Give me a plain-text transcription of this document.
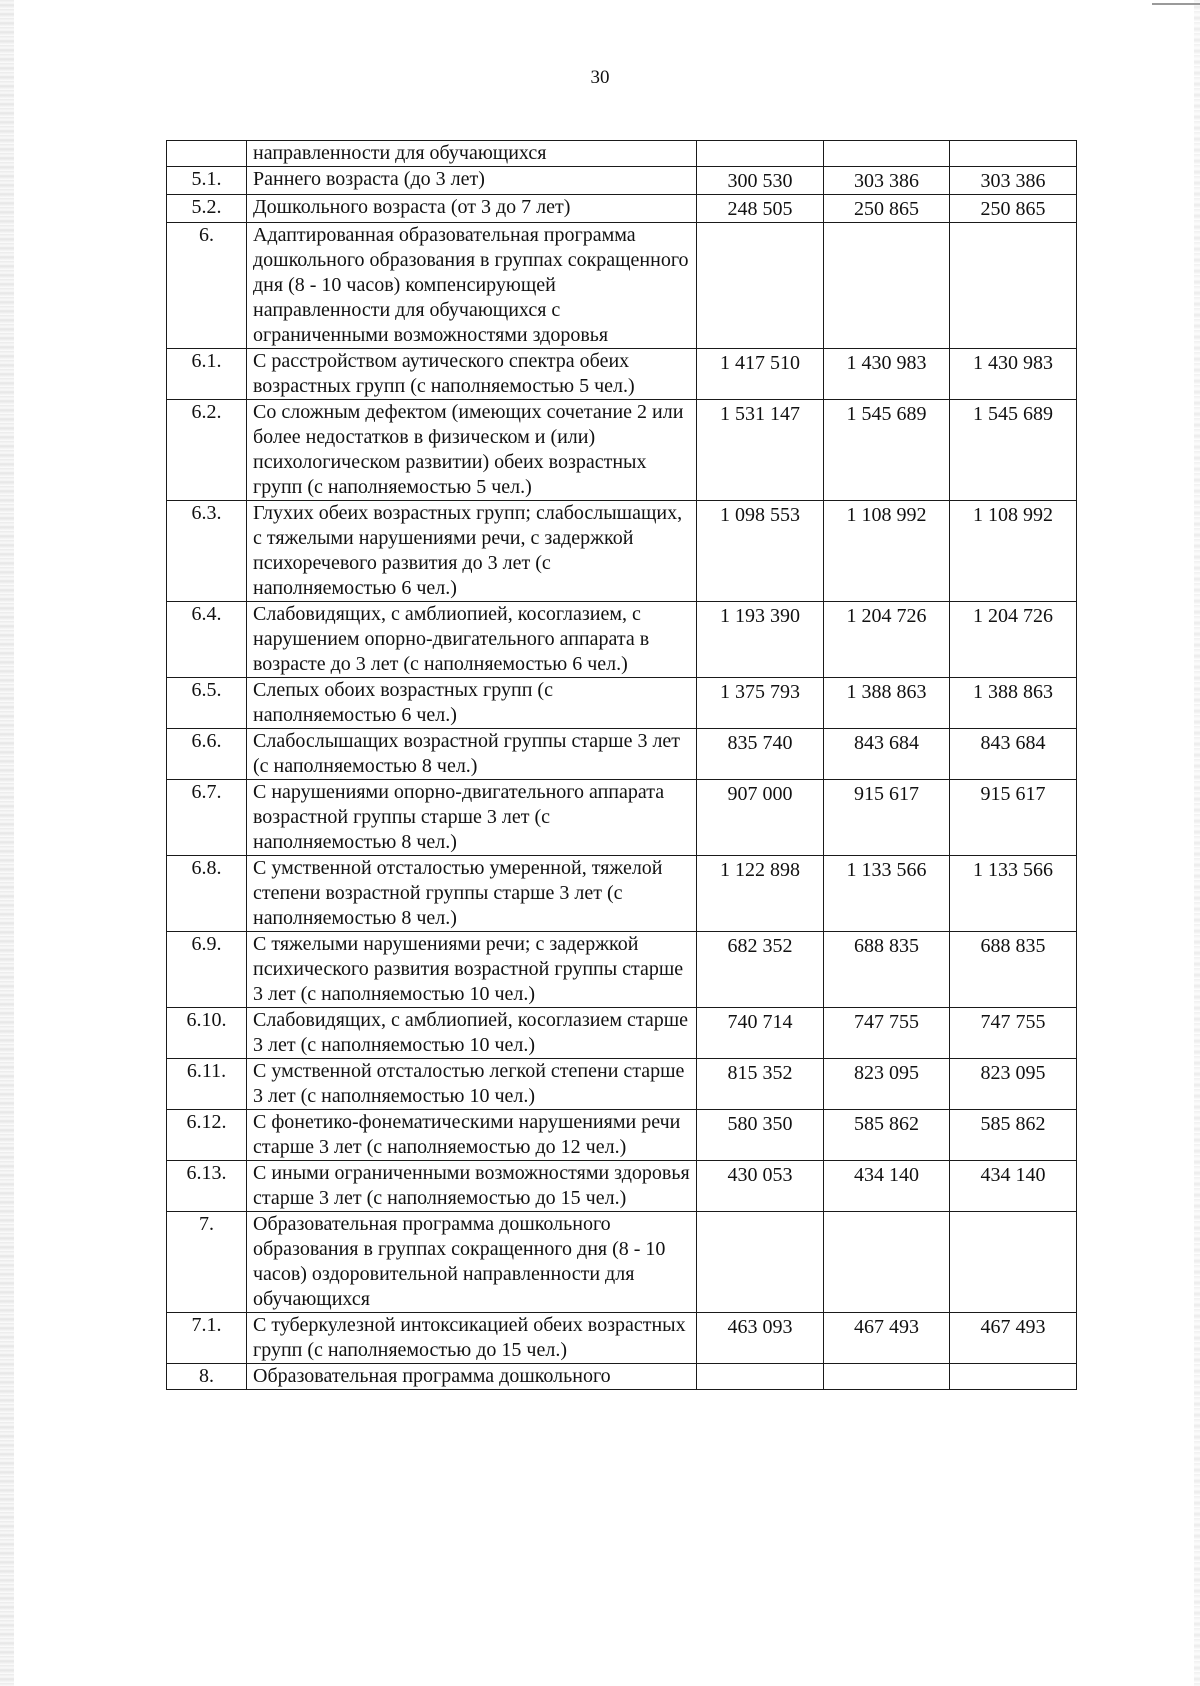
30
	направленности для обучающихся	

5.1.	Раннего возраста (до 3 лет)	300 530	303 386	303 386

5.2.	Дошкольного возраста (от 3 до 7 лет)	248 505	250 865	250 865

6.	Адаптированная образовательная программа дошкольного образования в группах сокращенного дня (8 - 10 часов) компенсирующей направленности для обучающихся с ограниченными возможностями здоровья	

6.1.	С расстройством аутического спектра обеих возрастных групп (с наполняемостью 5 чел.)	1 417 510	1 430 983	1 430 983

6.2.	Со сложным дефектом (имеющих сочетание 2 или более недостатков в физическом и (или) психологическом развитии) обеих возрастных групп (с наполняемостью 5 чел.)	1 531 147	1 545 689	1 545 689

6.3.	Глухих обеих возрастных групп; слабослышащих, с тяжелыми нарушениями речи, с задержкой психоречевого развития до 3 лет (с наполняемостью 6 чел.)	1 098 553	1 108 992	1 108 992

6.4.	Слабовидящих, с амблиопией, косоглазием, с нарушением опорно-двигательного аппарата в возрасте до 3 лет (с наполняемостью 6 чел.)	1 193 390	1 204 726	1 204 726

6.5.	Слепых обоих возрастных групп (с наполняемостью 6 чел.)	1 375 793	1 388 863	1 388 863

6.6.	Слабослышащих возрастной группы старше 3 лет (с наполняемостью 8 чел.)	835 740	843 684	843 684

6.7.	С нарушениями опорно-двигательного аппарата возрастной группы старше 3 лет (с наполняемостью 8 чел.)	907 000	915 617	915 617

6.8.	С умственной отсталостью умеренной, тяжелой степени возрастной группы старше 3 лет (с наполняемостью 8 чел.)	1 122 898	1 133 566	1 133 566

6.9.	С тяжелыми нарушениями речи; с задержкой психического развития возрастной группы старше 3 лет (с наполняемостью 10 чел.)	682 352	688 835	688 835

6.10.	Слабовидящих, с амблиопией, косоглазием старше 3 лет (с наполняемостью 10 чел.)	740 714	747 755	747 755

6.11.	С умственной отсталостью легкой степени старше 3 лет (с наполняемостью 10 чел.)	815 352	823 095	823 095

6.12.	С фонетико-фонематическими нарушениями речи старше 3 лет (с наполняемостью до 12 чел.)	580 350	585 862	585 862

6.13.	С иными ограниченными возможностями здоровья старше 3 лет (с наполняемостью до 15 чел.)	430 053	434 140	434 140

7.	Образовательная программа дошкольного образования в группах сокращенного дня (8 - 10 часов) оздоровительной направленности для обучающихся	

7.1.	С туберкулезной интоксикацией обеих возрастных групп (с наполняемостью до 15 чел.)	463 093	467 493	467 493

8.	Образовательная программа дошкольного	
